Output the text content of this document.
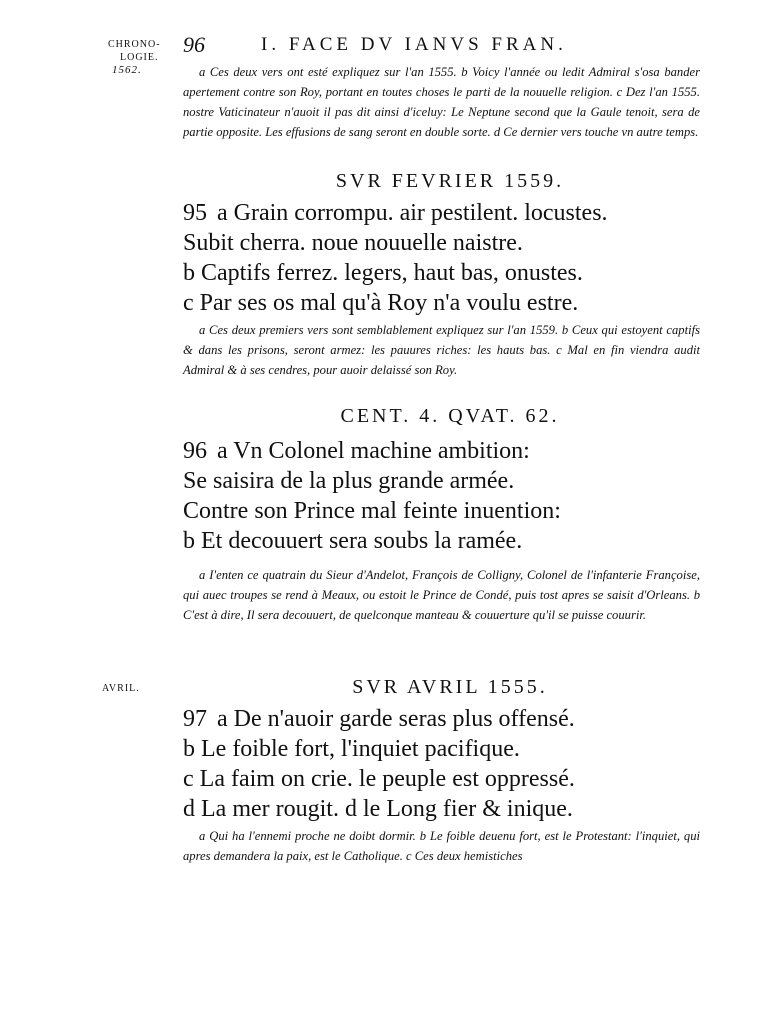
CHRONO-
LOGIE.
1562.
AVRIL.
96	I. FACE DV IANVS FRAN.

a Ces deux vers ont esté expliquez sur l'an 1555. b Voicy l'année ou ledit Admiral s'osa bander apertement contre son Roy, portant en toutes choses le parti de la nouuelle religion. c Dez l'an 1555. nostre Vaticinateur n'auoit il pas dit ainsi d'iceluy: Le Neptune second que la Gaule tenoit, sera de partie opposite. Les effusions de sang seront en double sorte. d Ce dernier vers touche vn autre temps.

SVR FEVRIER 1559.
95 a Grain corrompu. air pestilent. locustes.
Subit cherra. noue nouuelle naistre.
b Captifs ferrez. legers, haut bas, onustes.
c Par ses os mal qu'à Roy n'a voulu estre.

a Ces deux premiers vers sont semblablement expliquez sur l'an 1559. b Ceux qui estoyent captifs & dans les prisons, seront armez: les pauures riches: les hauts bas. c Mal en fin viendra audit Admiral & à ses cendres, pour auoir delaissé son Roy.

CENT. 4. QVAT. 62.
96 a Vn Colonel machine ambition:
Se saisira de la plus grande armée.
Contre son Prince mal feinte inuention:
b Et decouuert sera soubs la ramée.

a I'enten ce quatrain du Sieur d'Andelot, François de Colligny, Colonel de l'infanterie Françoise, qui auec troupes se rend à Meaux, ou estoit le Prince de Condé, puis tost apres se saisit d'Orleans. b C'est à dire, Il sera decouuert, de quelconque manteau & couuerture qu'il se puisse couurir.

SVR AVRIL 1555.
97 a De n'auoir garde seras plus offensé.
b Le foible fort, l'inquiet pacifique.
c La faim on crie. le peuple est oppressé.
d La mer rougit. d le Long fier & inique.

a Qui ha l'ennemi proche ne doibt dormir. b Le foible deuenu fort, est le Protestant: l'inquiet, qui apres demandera la paix, est le Catholique. c Ces deux hemistiches
